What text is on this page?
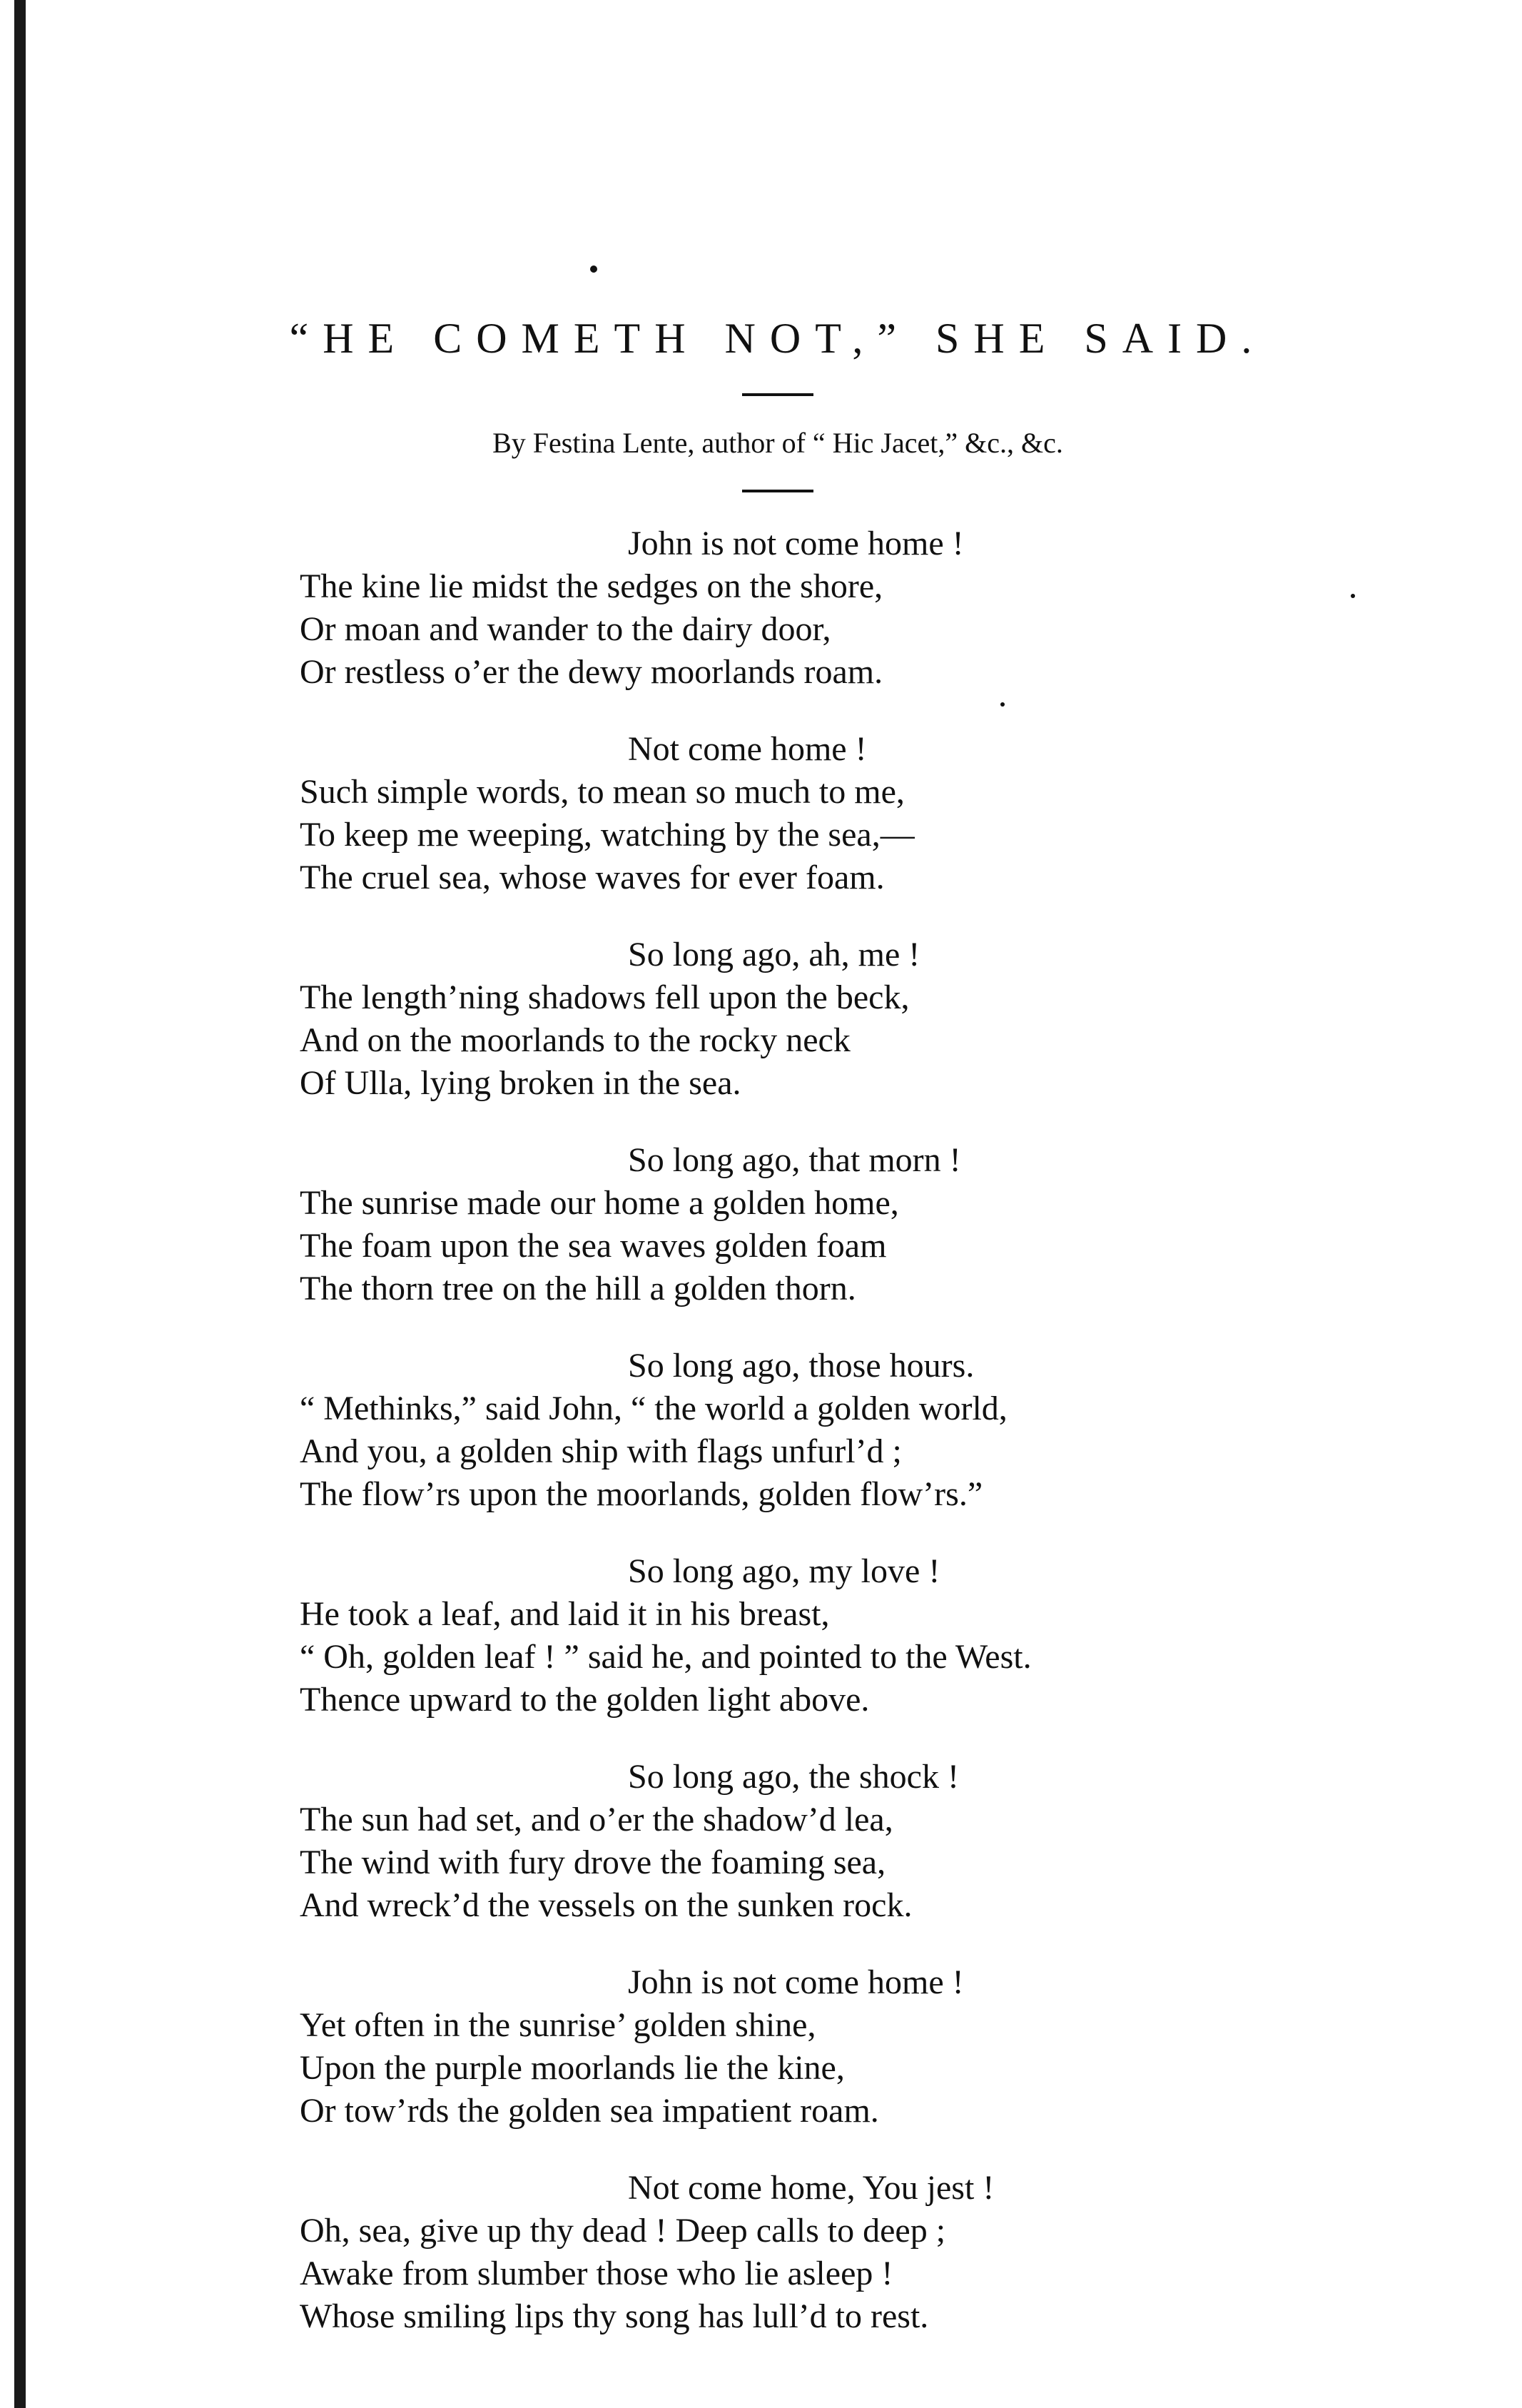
“HE COMETH NOT,” SHE SAID.

By Festina Lente, author of “ Hic Jacet,” &c., &c.

John is not come home !
The kine lie midst the sedges on the shore,
Or moan and wander to the dairy door,
Or restless o’er the dewy moorlands roam.
Not come home !
Such simple words, to mean so much to me,
To keep me weeping, watching by the sea,—
The cruel sea, whose waves for ever foam.
So long ago, ah, me !
The length’ning shadows fell upon the beck,
And on the moorlands to the rocky neck
Of Ulla, lying broken in the sea.
So long ago, that morn !
The sunrise made our home a golden home,
The foam upon the sea waves golden foam
The thorn tree on the hill a golden thorn.
So long ago, those hours.
“ Methinks,” said John, “ the world a golden world,
And you, a golden ship with flags unfurl’d ;
The flow’rs upon the moorlands, golden flow’rs.”
So long ago, my love !
He took a leaf, and laid it in his breast,
“ Oh, golden leaf ! ” said he, and pointed to the West.
Thence upward to the golden light above.
So long ago, the shock !
The sun had set, and o’er the shadow’d lea,
The wind with fury drove the foaming sea,
And wreck’d the vessels on the sunken rock.
John is not come home !
Yet often in the sunrise’ golden shine,
Upon the purple moorlands lie the kine,
Or tow’rds the golden sea impatient roam.
Not come home, You jest !
Oh, sea, give up thy dead ! Deep calls to deep ;
Awake from slumber those who lie asleep !
Whose smiling lips thy song has lull’d to rest.
